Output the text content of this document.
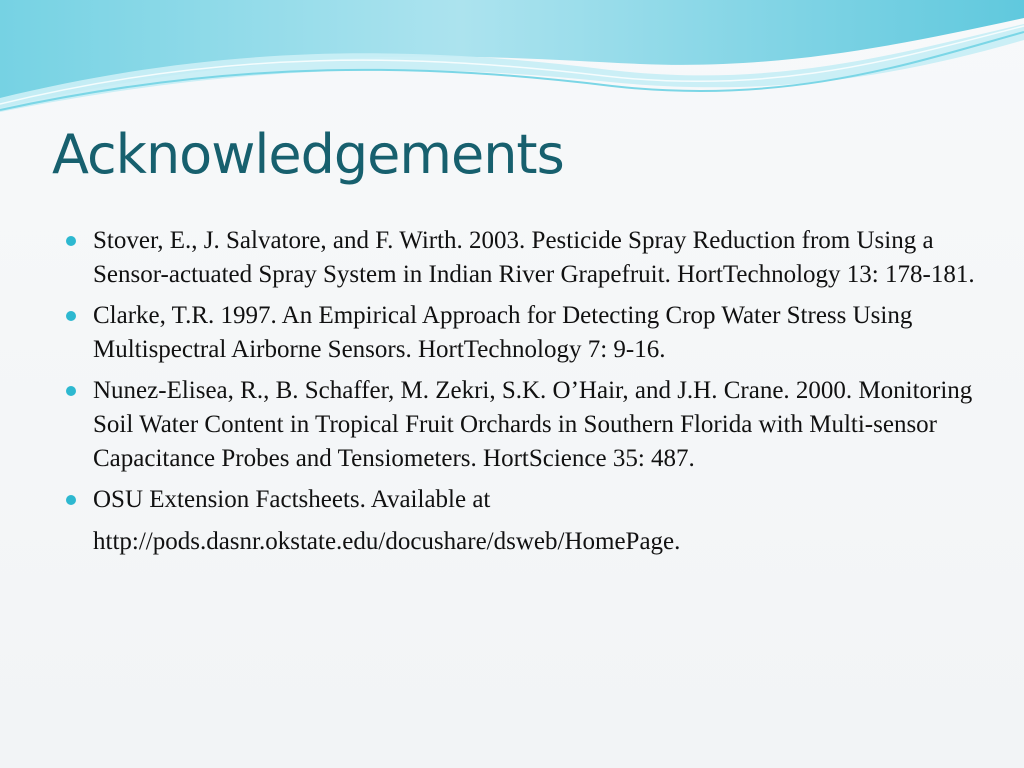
Acknowledgements
Stover, E., J. Salvatore, and F. Wirth. 2003. Pesticide Spray Reduction from Using a Sensor-actuated Spray System in Indian River Grapefruit. HortTechnology 13: 178-181.
Clarke, T.R. 1997. An Empirical Approach for Detecting Crop Water Stress Using Multispectral Airborne Sensors. HortTechnology 7: 9-16.
Nunez-Elisea, R., B. Schaffer, M. Zekri, S.K. O’Hair, and J.H. Crane. 2000. Monitoring Soil Water Content in Tropical Fruit Orchards in Southern Florida with Multi-sensor Capacitance Probes and Tensiometers. HortScience 35: 487.
OSU Extension Factsheets. Available at
http://pods.dasnr.okstate.edu/docushare/dsweb/HomePage.
